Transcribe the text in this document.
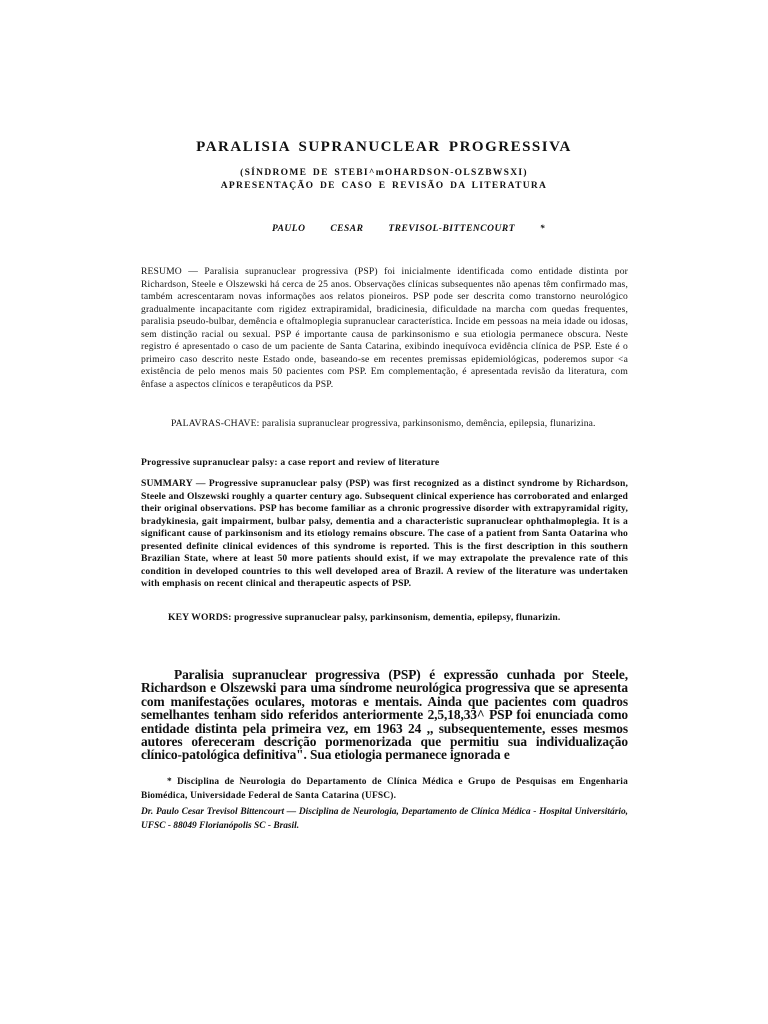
PARALISIA SUPRANUCLEAR PROGRESSIVA
(SÍNDROME DE STEBI^mOHARDSON-OLSZBWSXI)
APRESENTAÇÃO DE CASO E REVISÃO DA LITERATURA
PAULO CESAR TREVISOL-BITTENCOURT *
RESUMO — Paralisia supranuclear progressiva (PSP) foi inicialmente identificada como entidade distinta por Richardson, Steele e Olszewski há cerca de 25 anos. Observações clínicas subsequentes não apenas têm confirmado mas, também acrescentaram novas informações aos relatos pioneiros. PSP pode ser descrita como transtorno neurológico gradualmente incapacitante com rigidez extrapiramidal, bradicinesia, dificuldade na marcha com quedas frequentes, paralisia pseudo-bulbar, demência e oftalmoplegia supranuclear característica. Incide em pessoas na meia idade ou idosas, sem distinção racial ou sexual. PSP é importante causa de parkinsonismo e sua etiologia permanece obscura. Neste registro é apresentado o caso de um paciente de Santa Catarina, exibindo inequívoca evidência clínica de PSP. Este é o primeiro caso descrito neste Estado onde, baseando-se em recentes premissas epidemiológicas, poderemos supor <a existência de pelo menos mais 50 pacientes com PSP. Em complementação, é apresentada revisão da literatura, com ênfase a aspectos clínicos e terapêuticos da PSP.
PALAVRAS-CHAVE: paralisia supranuclear progressiva, parkinsonismo, demência, epilepsia, flunarizina.
Progressive supranuclear palsy: a case report and review of literature
SUMMARY — Progressive supranuclear palsy (PSP) was first recognized as a distinct syndrome by Richardson, Steele and Olszewski roughly a quarter century ago. Subsequent clinical experience has corroborated and enlarged their original observations. PSP has become familiar as a chronic progressive disorder with extrapyramidal rigity, bradykinesia, gait impairment, bulbar palsy, dementia and a characteristic supranuclear ophthalmoplegia. It is a significant cause of parkinsonism and its etiology remains obscure. The case of a patient from Santa Oatarina who presented definite clinical evidences of this syndrome is reported. This is the first description in this southern Brazilian State, where at least 50 more patients should exist, if we may extrapolate the prevalence rate of this condition in developed countries to this well developed area of Brazil. A review of the literature was undertaken with emphasis on recent clinical and therapeutic aspects of PSP.
KEY WORDS: progressive supranuclear palsy, parkinsonism, dementia, epilepsy, flunarizin.
Paralisia supranuclear progressiva (PSP) é expressão cunhada por Steele, Richardson e Olszewski para uma síndrome neurológica progressiva que se apresenta com manifestações oculares, motoras e mentais. Ainda que pacientes com quadros semelhantes tenham sido referidos anteriormente 2,5,18,33^ PSP foi enunciada como entidade distinta pela primeira vez, em 1963 24 ,, subsequentemente, esses mesmos autores ofereceram descrição pormenorizada que permitiu sua individualização clínico-patológica definitiva". Sua etiologia permanece ignorada e
* Disciplina de Neurologia do Departamento de Clínica Médica e Grupo de Pesquisas em Engenharia Biomédica, Universidade Federal de Santa Catarina (UFSC).
Dr. Paulo Cesar Trevisol Bittencourt — Disciplina de Neurologia, Departamento de Clínica Médica - Hospital Universitário, UFSC - 88049 Florianópolis SC - Brasil.
